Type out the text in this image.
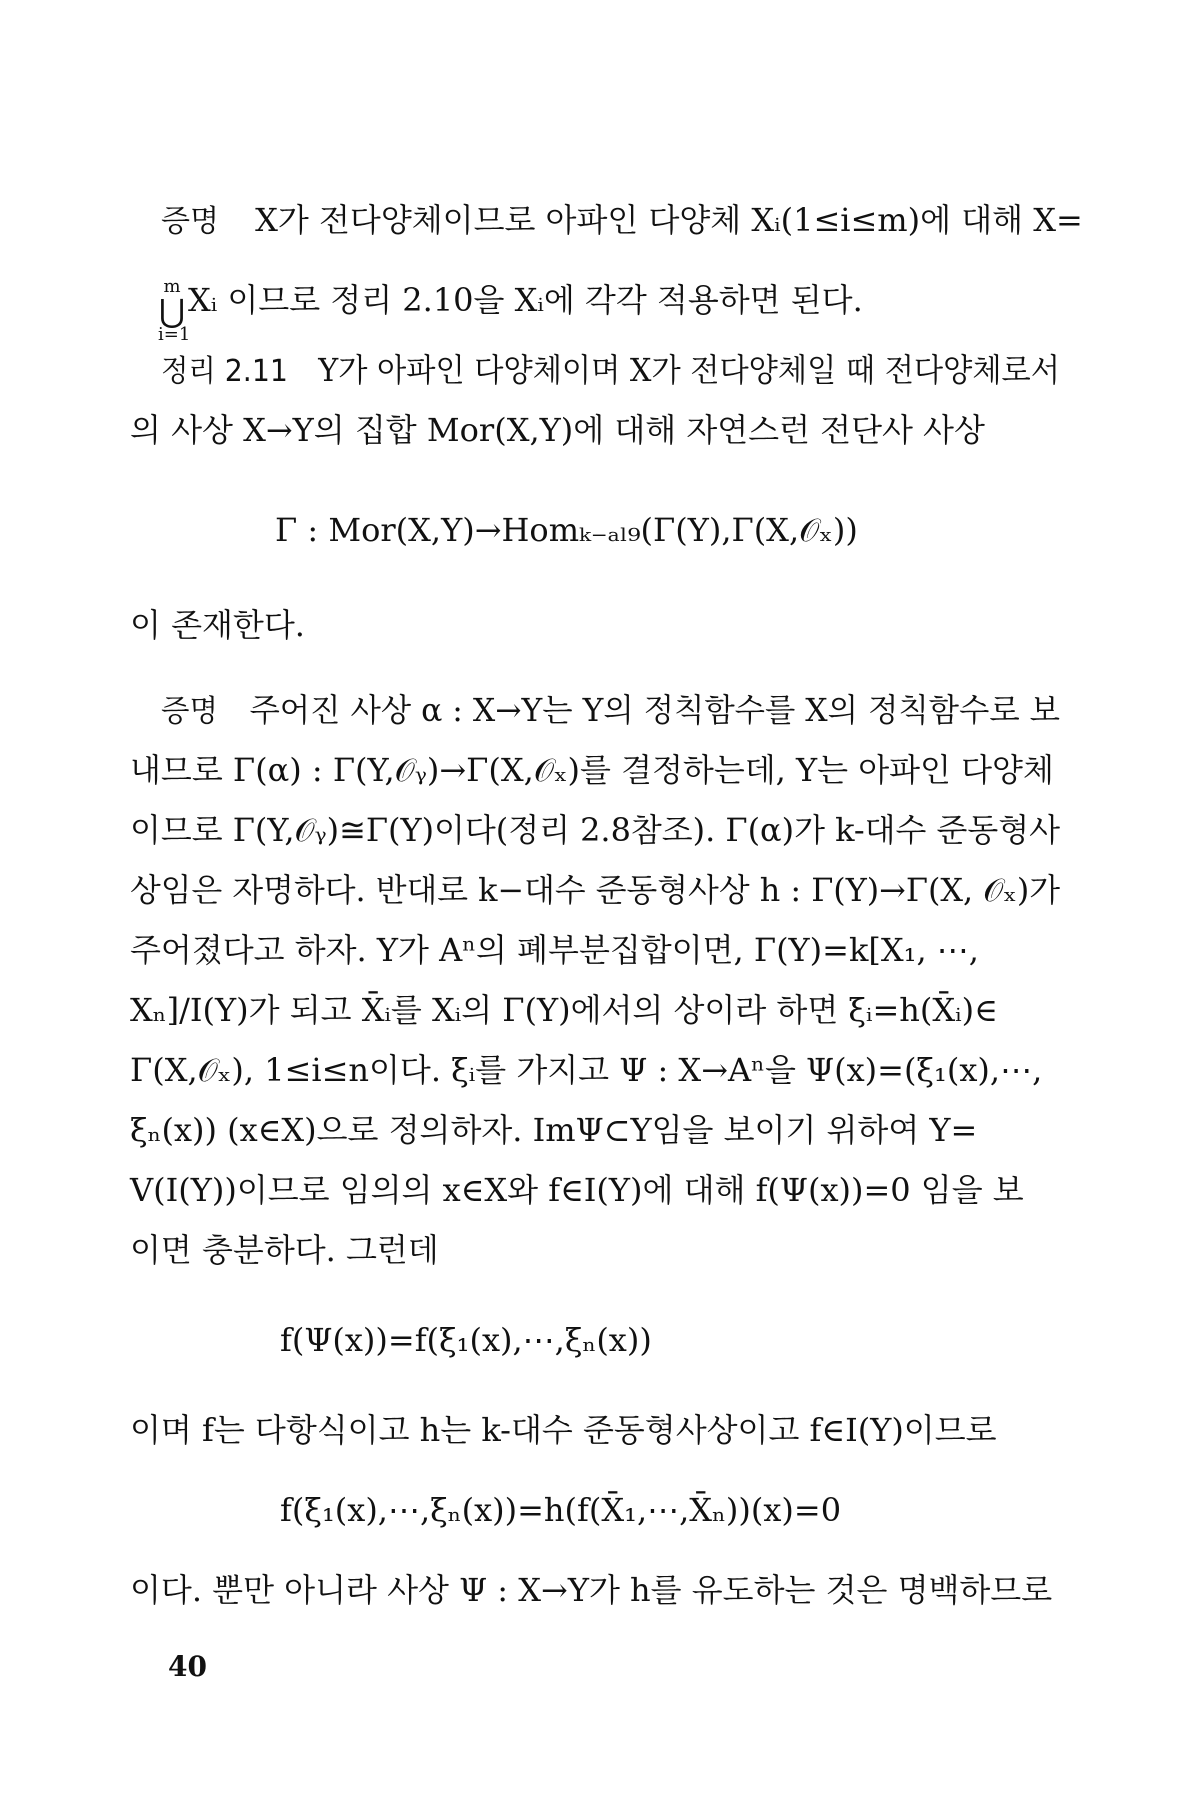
증명 X가 전다양체이므로 아파인 다양체 Xᵢ(1≤i≤m)에 대해 X=
m
⋃
i=1
Xᵢ 이므로 정리 2.10을 Xᵢ에 각각 적용하면 된다.
정리 2.11 Y가 아파인 다양체이며 X가 전다양체일 때 전다양체로서
의 사상 X→Y의 집합 Mor(X,Y)에 대해 자연스런 전단사 사상
Γ : Mor(X,Y)→Homₖ₋ₐₗ₉(Γ(Y),Γ(X,𝒪ₓ))
이 존재한다.
증명 주어진 사상 α : X→Y는 Y의 정칙함수를 X의 정칙함수로 보
내므로 Γ(α) : Γ(Y,𝒪ᵧ)→Γ(X,𝒪ₓ)를 결정하는데, Y는 아파인 다양체
이므로 Γ(Y,𝒪ᵧ)≅Γ(Y)이다(정리 2.8참조). Γ(α)가 k-대수 준동형사
상임은 자명하다. 반대로 k−대수 준동형사상 h : Γ(Y)→Γ(X, 𝒪ₓ)가
주어졌다고 하자. Y가 Aⁿ의 폐부분집합이면, Γ(Y)=k[X₁, ⋯,
Xₙ]/I(Y)가 되고 X̄ᵢ를 Xᵢ의 Γ(Y)에서의 상이라 하면 ξᵢ=h(X̄ᵢ)∈
Γ(X,𝒪ₓ), 1≤i≤n이다. ξᵢ를 가지고 Ψ : X→Aⁿ을 Ψ(x)=(ξ₁(x),⋯,
ξₙ(x)) (x∈X)으로 정의하자. ImΨ⊂Y임을 보이기 위하여 Y=
V(I(Y))이므로 임의의 x∈X와 f∈I(Y)에 대해 f(Ψ(x))=0 임을 보
이면 충분하다. 그런데
f(Ψ(x))=f(ξ₁(x),⋯,ξₙ(x))
이며 f는 다항식이고 h는 k-대수 준동형사상이고 f∈I(Y)이므로
f(ξ₁(x),⋯,ξₙ(x))=h(f(X̄₁,⋯,X̄ₙ))(x)=0
이다. 뿐만 아니라 사상 Ψ : X→Y가 h를 유도하는 것은 명백하므로
40
